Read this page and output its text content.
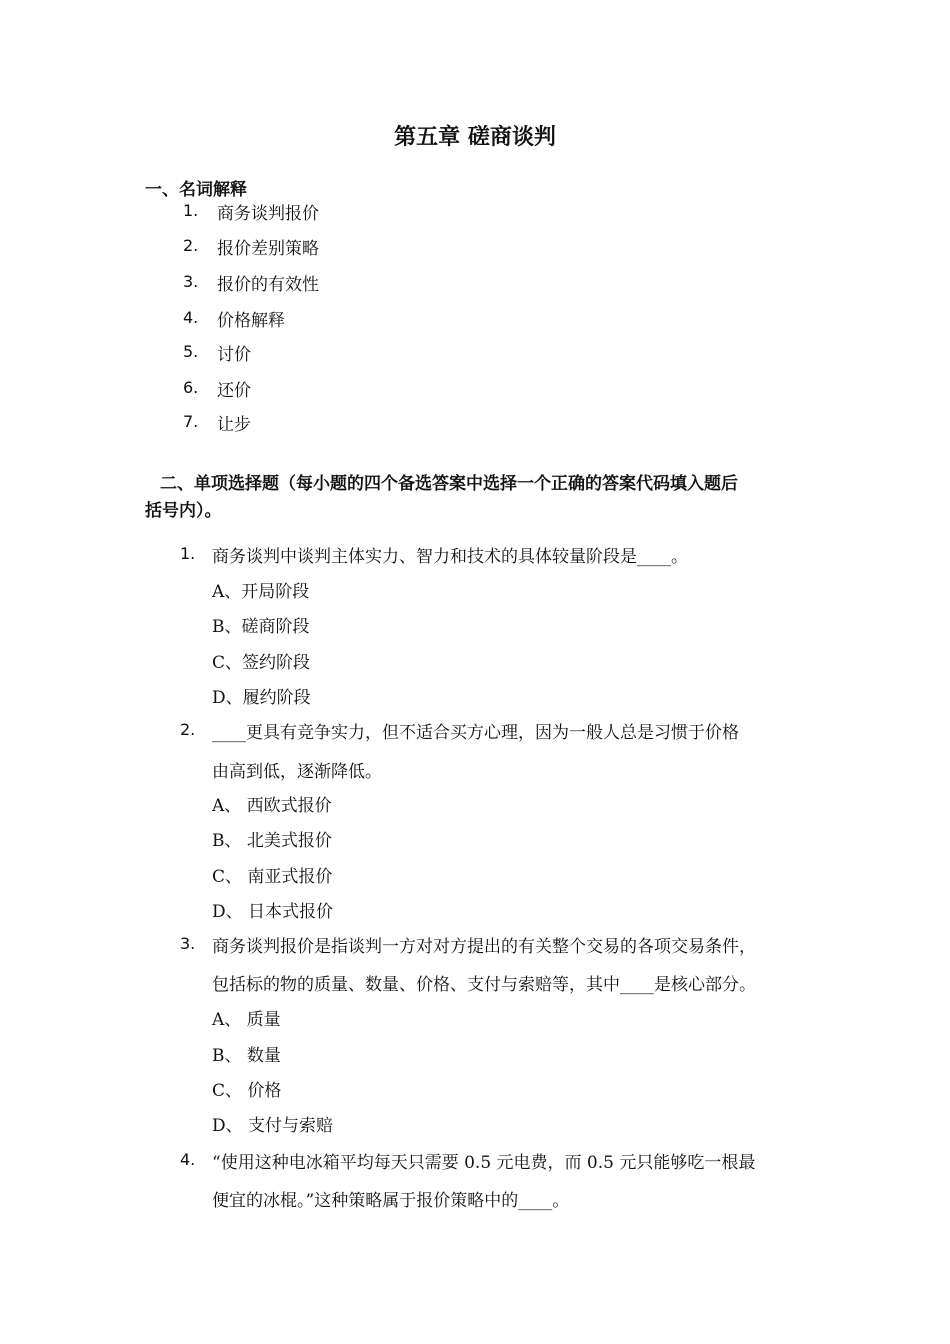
第五章 磋商谈判
一、名词解释
1. 商务谈判报价
2. 报价差别策略
3. 报价的有效性
4. 价格解释
5. 讨价
6. 还价
7. 让步
二、单项选择题（每小题的四个备选答案中选择一个正确的答案代码填入题后
括号内）。
1. 商务谈判中谈判主体实力、智力和技术的具体较量阶段是____。
A、开局阶段
B、磋商阶段
C、签约阶段
D、履约阶段
2. ____更具有竞争实力，但不适合买方心理，因为一般人总是习惯于价格
由高到低，逐渐降低。
A、 西欧式报价
B、 北美式报价
C、 南亚式报价
D、 日本式报价
3. 商务谈判报价是指谈判一方对对方提出的有关整个交易的各项交易条件，
包括标的物的质量、数量、价格、支付与索赔等，其中____是核心部分。
A、 质量
B、 数量
C、 价格
D、 支付与索赔
4. “使用这种电冰箱平均每天只需要 0.5 元电费，而 0.5 元只能够吃一根最
便宜的冰棍。”这种策略属于报价策略中的____。
